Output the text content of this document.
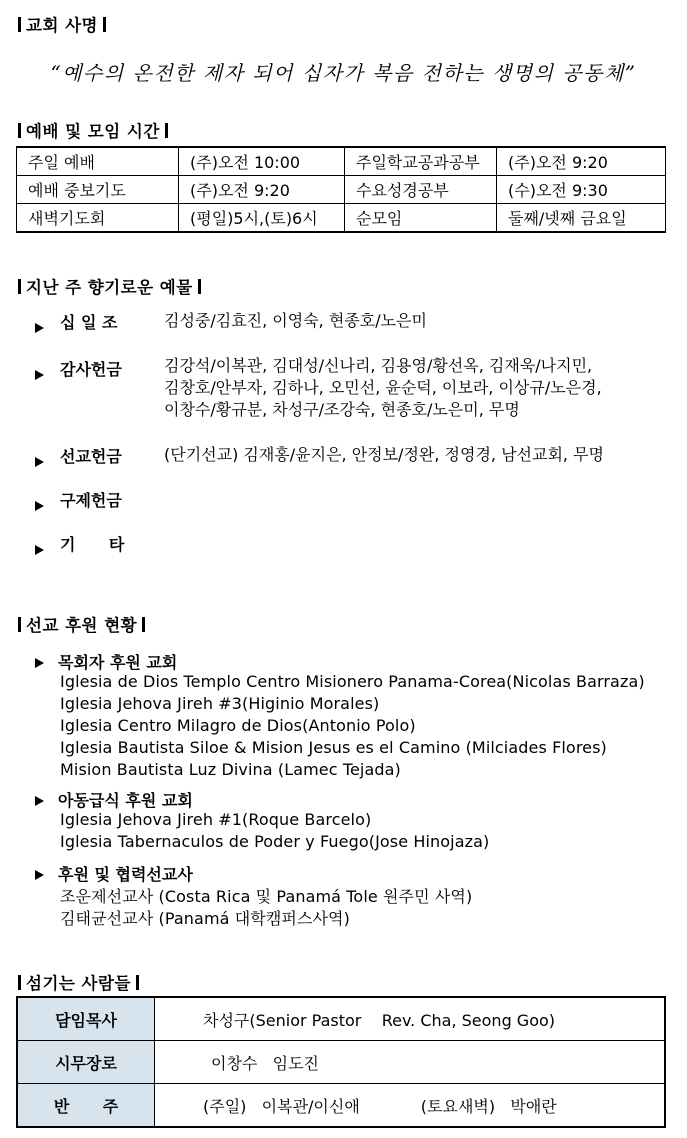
교회 사명
“예수의 온전한 제자 되어 십자가 복음 전하는 생명의 공동체”
예배 및 모임 시간
주일 예배	(주)오전 10:00	주일학교공과공부	(주)오전 9:20
예배 중보기도	(주)오전 9:20	수요성경공부	(수)오전 9:30
새벽기도회	(평일)5시,(토)6시	순모임	둘째/넷째 금요일
지난 주 향기로운 예물
십 일 조	김성중/김효진, 이영숙, 현종호/노은미
감사헌금	김강석/이복관, 김대성/신나리, 김용영/황선옥, 김재욱/나지민,
김창호/안부자, 김하나, 오민선, 윤순덕, 이보라, 이상규/노은경,
이창수/황규분, 차성구/조강숙, 현종호/노은미, 무명
선교헌금	(단기선교) 김재홍/윤지은, 안정보/정완, 정영경, 남선교회, 무명
구제헌금
기      타
선교 후원 현황
목회자 후원 교회
Iglesia de Dios Templo Centro Misionero Panama-Corea(Nicolas Barraza)
Iglesia Jehova Jireh #3(Higinio Morales)
Iglesia Centro Milagro de Dios(Antonio Polo)
Iglesia Bautista Siloe & Mision Jesus es el Camino (Milciades Flores)
Mision Bautista Luz Divina (Lamec Tejada)
아동급식 후원 교회
Iglesia Jehova Jireh #1(Roque Barcelo)
Iglesia Tabernaculos de Poder y Fuego(Jose Hinojaza)
후원 및 협력선교사
조운제선교사 (Costa Rica 및 Panamá Tole 원주민 사역)
김태균선교사 (Panamá 대학캠퍼스사역)
섬기는 사람들
담임목사	차성구(Senior Pastor    Rev. Cha, Seong Goo)
시무장로	이창수   임도진
반      주	(주일)   이복관/이신애            (토요새벽)   박애란
